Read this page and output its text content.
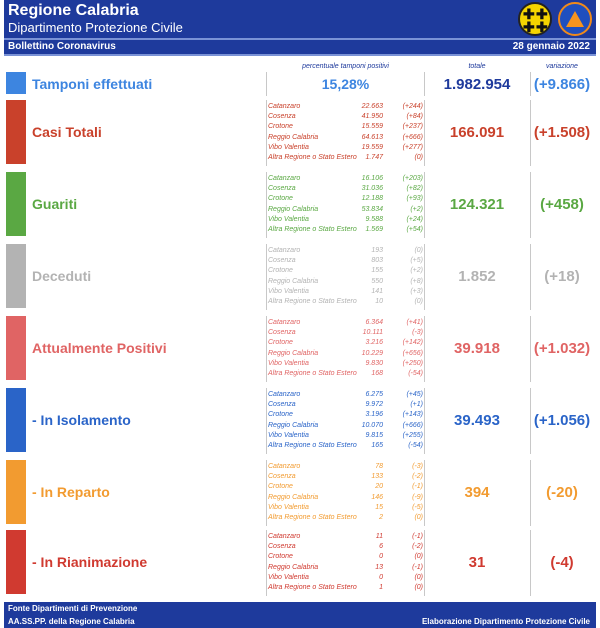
Regione Calabria
Dipartimento Protezione Civile
✚ ✚
✚ ✚
Bollettino Coronavirus	28 gennaio 2022
percentuale tamponi positivi	totale	variazione
Tamponi effettuati	15,28%	1.982.954	(+9.866)
Casi Totali
Catanzaro	22.663	(+244)
Cosenza	41.950	(+84)
Crotone	15.559	(+237)
Reggio Calabria	64.613	(+666)
Vibo Valentia	19.559	(+277)
Altra Regione o Stato Estero 1.747	(0)
166.091	(+1.508)
Guariti
Catanzaro	16.106	(+203)
Cosenza	31.036	(+82)
Crotone	12.188	(+93)
Reggio Calabria	53.834	(+2)
Vibo Valentia	9.588	(+24)
Altra Regione o Stato Estero 1.569	(+54)
124.321	(+458)
Deceduti
Catanzaro	193	(0)
Cosenza	803	(+5)
Crotone	155	(+2)
Reggio Calabria	550	(+8)
Vibo Valentia	141	(+3)
Altra Regione o Stato Estero	10	(0)
1.852	(+18)
Attualmente Positivi
Catanzaro	6.364	(+41)
Cosenza	10.111	(-3)
Crotone	3.216	(+142)
Reggio Calabria	10.229	(+656)
Vibo Valentia	9.830	(+250)
Altra Regione o Stato Estero 168	(-54)
39.918	(+1.032)
- In Isolamento
Catanzaro	6.275	(+45)
Cosenza	9.972	(+1)
Crotone	3.196	(+143)
Reggio Calabria	10.070	(+666)
Vibo Valentia	9.815	(+255)
Altra Regione o Stato Estero 165	(-54)
39.493	(+1.056)
- In Reparto
Catanzaro	78	(-3)
Cosenza	133	(-2)
Crotone	20	(-1)
Reggio Calabria	146	(-9)
Vibo Valentia	15	(-5)
Altra Regione o Stato Estero	2	(0)
394	(-20)
- In Rianimazione
Catanzaro	11	(-1)
Cosenza	6	(-2)
Crotone	0	(0)
Reggio Calabria	13	(-1)
Vibo Valentia	0	(0)
Altra Regione o Stato Estero	1	(0)
31	(-4)
Fonte Dipartimenti di Prevenzione
AA.SS.PP. della Regione Calabria	Elaborazione Dipartimento Protezione Civile
